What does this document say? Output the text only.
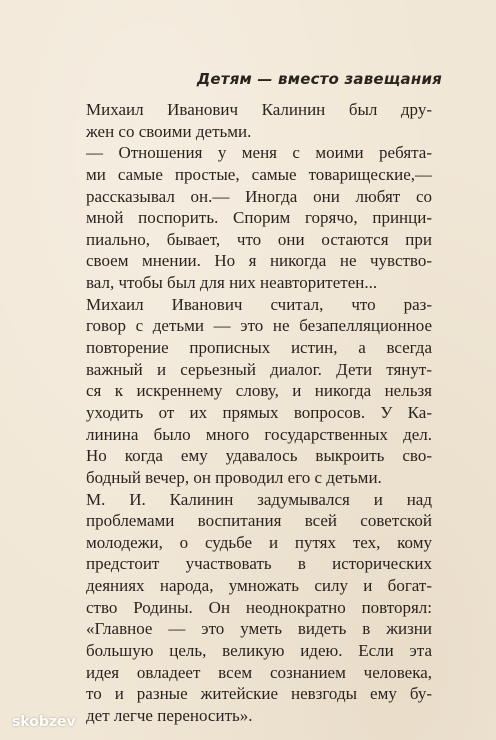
Детям — вместо завещания
Михаил Иванович Калинин был дру-
жен со своими детьми.
— Отношения у меня с моими ребята-
ми самые простые, самые товарищеские,—
рассказывал он.— Иногда они любят со
мной поспорить. Спорим горячо, принци-
пиально, бывает, что они остаются при
своем мнении. Но я никогда не чувство-
вал, чтобы был для них неавторитетен...
Михаил Иванович считал, что раз-
говор с детьми — это не безапелляционное
повторение прописных истин, а всегда
важный и серьезный диалог. Дети тянут-
ся к искреннему слову, и никогда нельзя
уходить от их прямых вопросов. У Ка-
линина было много государственных дел.
Но когда ему удавалось выкроить сво-
бодный вечер, он проводил его с детьми.
М. И. Калинин задумывался и над
проблемами воспитания всей советской
молодежи, о судьбе и путях тех, кому
предстоит участвовать в исторических
деяниях народа, умножать силу и богат-
ство Родины. Он неоднократно повторял:
«Главное — это уметь видеть в жизни
большую цель, великую идею. Если эта
идея овладеет всем сознанием человека,
то и разные житейские невзгоды ему бу-
дет легче переносить».
skobzev
